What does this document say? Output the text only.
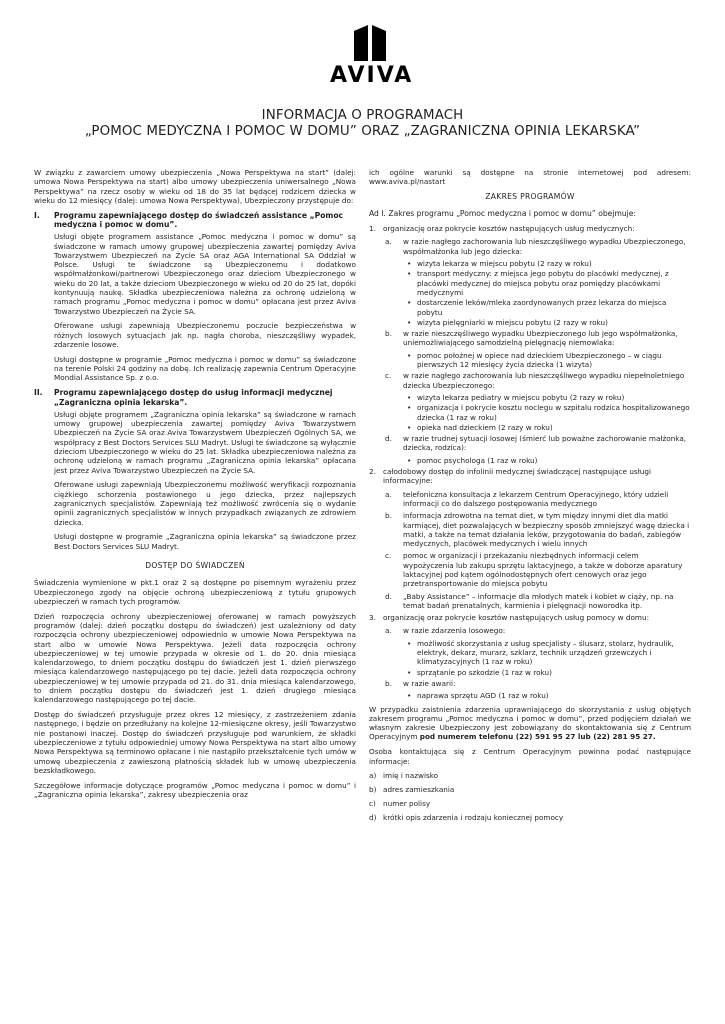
AVIVA
INFORMACJA O PROGRAMACH
„POMOC MEDYCZNA I POMOC W DOMU” ORAZ „ZAGRANICZNA OPINIA LEKARSKA”

W związku z zawarciem umowy ubezpieczenia „Nowa Perspektywa na start” (dalej: umowa Nowa Perspektywa na start) albo umowy ubezpieczenia uniwersalnego „Nowa Perspektywa” na rzecz osoby w wieku od 18 do 35 lat będącej rodzicem dziecka w wieku do 12 miesięcy (dalej: umowa Nowa Perspektywa), Ubezpieczony przystępuje do:

I.	Programu zapewniającego dostęp do świadczeń assistance „Pomoc medyczna i pomoc w domu”.

Usługi objęte programem assistance „Pomoc medyczna i pomoc w domu” są świadczone w ramach umowy grupowej ubezpieczenia zawartej pomiędzy Aviva Towarzystwem Ubezpieczeń na Życie SA oraz AGA International SA Oddział w Polsce. Usługi te świadczone są Ubezpieczonemu i dodatkowo współmałżonkowi/partnerowi Ubezpieczonego oraz dzieciom Ubezpieczonego w wieku do 20 lat, a także dzieciom Ubezpieczonego w wieku od 20 do 25 lat, dopóki kontynuują naukę. Składka ubezpieczeniowa należna za ochronę udzieloną w ramach programu „Pomoc medyczna i pomoc w domu” opłacana jest przez Aviva Towarzystwo Ubezpieczeń na Życie SA.

Oferowane usługi zapewniają Ubezpieczonemu poczucie bezpieczeństwa w różnych losowych sytuacjach jak np. nagła choroba, nieszczęśliwy wypadek, zdarzenie losowe.

Usługi dostępne w programie „Pomoc medyczna i pomoc w domu” są świadczone na terenie Polski 24 godziny na dobę. Ich realizację zapewnia Centrum Operacyjne Mondial Assistance Sp. z o.o.

II.	Programu zapewniającego dostęp do usług informacji medycznej „Zagraniczna opinia lekarska”.

Usługi objęte programem „Zagraniczna opinia lekarska” są świadczone w ramach umowy grupowej ubezpieczenia zawartej pomiędzy Aviva Towarzystwem Ubezpieczeń na Życie SA oraz Aviva Towarzystwem Ubezpieczeń Ogólnych SA, we współpracy z Best Doctors Services SLU Madryt. Usługi te świadczone są wyłącznie dzieciom Ubezpieczonego w wieku do 25 lat. Składka ubezpieczeniowa należna za ochronę udzieloną w ramach programu „Zagraniczna opinia lekarska” opłacana jest przez Aviva Towarzystwo Ubezpieczeń na Życie SA.

Oferowane usługi zapewniają Ubezpieczonemu możliwość weryfikacji rozpoznania ciężkiego schorzenia postawionego u jego dziecka, przez najlepszych zagranicznych specjalistów. Zapewniają też możliwość zwrócenia się o wydanie opinii zagranicznych specjalistów w innych przypadkach związanych ze zdrowiem dziecka.

Usługi dostępne w programie „Zagraniczna opinia lekarska” są świadczone przez Best Doctors Services SLU Madryt.

DOSTĘP DO ŚWIADCZEŃ

Świadczenia wymienione w pkt.1 oraz 2 są dostępne po pisemnym wyrażeniu przez Ubezpieczonego zgody na objęcie ochroną ubezpieczeniową z tytułu grupowych ubezpieczeń w ramach tych programów.

Dzień rozpoczęcia ochrony ubezpieczeniowej oferowanej w ramach powyższych programów (dalej: dzień początku dostępu do świadczeń) jest uzależniony od daty rozpoczęcia ochrony ubezpieczeniowej odpowiednio w umowie Nowa Perspektywa na start albo w umowie Nowa Perspektywa. Jeżeli data rozpoczęcia ochrony ubezpieczeniowej w tej umowie przypada w okresie od 1. do 20. dnia miesiąca kalendarzowego, to dniem początku dostępu do świadczeń jest 1. dzień pierwszego miesiąca kalendarzowego następującego po tej dacie. Jeżeli data rozpoczęcia ochrony ubezpieczeniowej w tej umowie przypada od 21. do 31. dnia miesiąca kalendarzowego, to dniem początku dostępu do świadczeń jest 1. dzień drugiego miesiąca kalendarzowego następującego po tej dacie.

Dostęp do świadczeń przysługuje przez okres 12 miesięcy, z zastrzeżeniem zdania następnego, i będzie on przedłużany na kolejne 12-miesięczne okresy, jeśli Towarzystwo nie postanowi inaczej. Dostęp do świadczeń przysługuje pod warunkiem, że składki ubezpieczeniowe z tytułu odpowiedniej umowy Nowa Perspektywa na start albo umowy Nowa Perspektywa są terminowo opłacane i nie nastąpiło przekształcenie tych umów w umowę ubezpieczenia z zawieszoną płatnością składek lub w umowę ubezpieczenia bezskładkowego.

Szczegółowe informacje dotyczące programów „Pomoc medyczna i pomoc w domu” i „Zagraniczna opinia lekarska”, zakresy ubezpieczenia oraz

ich ogólne warunki są dostępne na stronie internetowej pod adresem: www.aviva.pl/nastart

ZAKRES PROGRAMÓW

Ad I. Zakres programu „Pomoc medyczna i pomoc w domu” obejmuje:

1. organizację oraz pokrycie kosztów następujących usług medycznych:
a.	w razie nagłego zachorowania lub nieszczęśliwego wypadku Ubezpieczonego, współmałżonka lub jego dziecka:
• wizyta lekarza w miejscu pobytu (2 razy w roku)
• transport medyczny: z miejsca jego pobytu do placówki medycznej, z placówki medycznej do miejsca pobytu oraz pomiędzy placówkami medycznymi
• dostarczenie leków/mleka zaordynowanych przez lekarza do miejsca pobytu
• wizyta pielęgniarki w miejscu pobytu (2 razy w roku)
b.	w razie nieszczęśliwego wypadku Ubezpieczonego lub jego współmałżonka, uniemożliwiającego samodzielną pielęgnację niemowlaka:
• pomoc położnej w opiece nad dzieckiem Ubezpieczonego – w ciągu pierwszych 12 miesięcy życia dziecka (1 wizyta)
c.	w razie nagłego zachorowania lub nieszczęśliwego wypadku niepełnoletniego dziecka Ubezpieczonego:
• wizyta lekarza pediatry w miejscu pobytu (2 razy w roku)
• organizacja i pokrycie kosztu noclegu w szpitalu rodzica hospitalizowanego dziecka (1 raz w roku)
• opieka nad dzieckiem (2 razy w roku)
d.	w razie trudnej sytuacji losowej (śmierć lub poważne zachorowanie małżonka, dziecka, rodzica):
• pomoc psychologa (1 raz w roku)
2. całodobowy dostęp do infolinii medycznej świadczącej następujące usługi informacyjne:
a.	telefoniczna konsultacja z lekarzem Centrum Operacyjnego, który udzieli informacji co do dalszego postępowania medycznego
b.	informacja zdrowotna na temat diet, w tym między innymi diet dla matki karmiącej, diet pozwalających w bezpieczny sposób zmniejszyć wagę dziecka i matki, a także na temat działania leków, przygotowania do badań, zabiegów medycznych, placówek medycznych i wielu innych
c.	pomoc w organizacji i przekazaniu niezbędnych informacji celem wypożyczenia lub zakupu sprzętu laktacyjnego, a także w doborze aparatury laktacyjnej pod kątem ogólnodostępnych ofert cenowych oraz jego przetransportowanie do miejsca pobytu
d.	„Baby Assistance” – informacje dla młodych matek i kobiet w ciąży, np. na temat badań prenatalnych, karmienia i pielęgnacji noworodka itp.
3. organizację oraz pokrycie kosztów następujących usług pomocy w domu:
a.	w razie zdarzenia losowego:
• możliwość skorzystania z usług specjalisty – ślusarz, stolarz, hydraulik, elektryk, dekarz, murarz, szklarz, technik urządzeń grzewczych i klimatyzacyjnych (1 raz w roku)
• sprzątanie po szkodzie (1 raz w roku)
b.	w razie awarii:
• naprawa sprzętu AGD (1 raz w roku)

W przypadku zaistnienia zdarzenia uprawniającego do skorzystania z usług objętych zakresem programu „Pomoc medyczna i pomoc w domu”, przed podjęciem działań we własnym zakresie Ubezpieczony jest zobowiązany do skontaktowania się z Centrum Operacyjnym pod numerem telefonu (22) 591 95 27 lub (22) 281 95 27.

Osoba kontaktująca się z Centrum Operacyjnym powinna podać następujące informacje:

a) imię i nazwisko
b) adres zamieszkania
c) numer polisy
d) krótki opis zdarzenia i rodzaju koniecznej pomocy
